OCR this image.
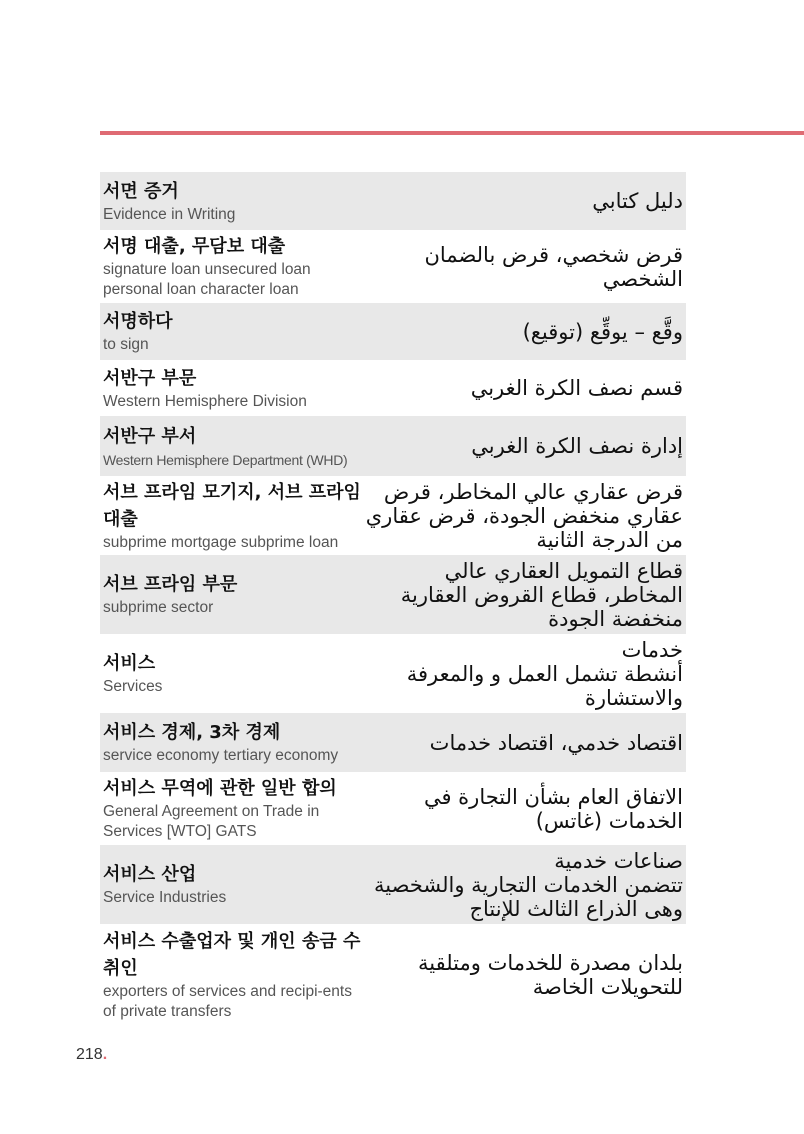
서면 증거
Evidence in Writing
دليل كتابي
서명 대출, 무담보 대출
signature loan unsecured loan personal loan character loan
قرض شخصي، قرض بالضمان الشخصي
서명하다
to sign
وقَّع – يوقِّع (توقيع)
서반구 부문
Western Hemisphere Division
قسم نصف الكرة الغربي
서반구 부서
Western Hemisphere Department (WHD)
إدارة نصف الكرة الغربي
서브 프라임 모기지, 서브 프라임 대출
subprime mortgage subprime loan
قرض عقاري عالي المخاطر، قرض عقاري منخفض الجودة، قرض عقاري من الدرجة الثانية
서브 프라임 부문
subprime sector
قطاع التمويل العقاري عالي المخاطر، قطاع القروض العقارية منخفضة الجودة
서비스
Services
خدمات
أنشطة تشمل العمل و والمعرفة والاستشارة
서비스 경제, 3차 경제
service economy tertiary economy
اقتصاد خدمي، اقتصاد خدمات
서비스 무역에 관한 일반 합의
General Agreement on Trade in Services [WTO] GATS
الاتفاق العام بشأن التجارة في الخدمات (غاتس)
서비스 산업
Service Industries
صناعات خدمية
تتضمن الخدمات التجارية والشخصية وهى الذراع الثالث للإنتاج
서비스 수출업자 및 개인 송금 수취인
exporters of services and recipi-ents of private transfers
بلدان مصدرة للخدمات ومتلقية للتحويلات الخاصة
218.
